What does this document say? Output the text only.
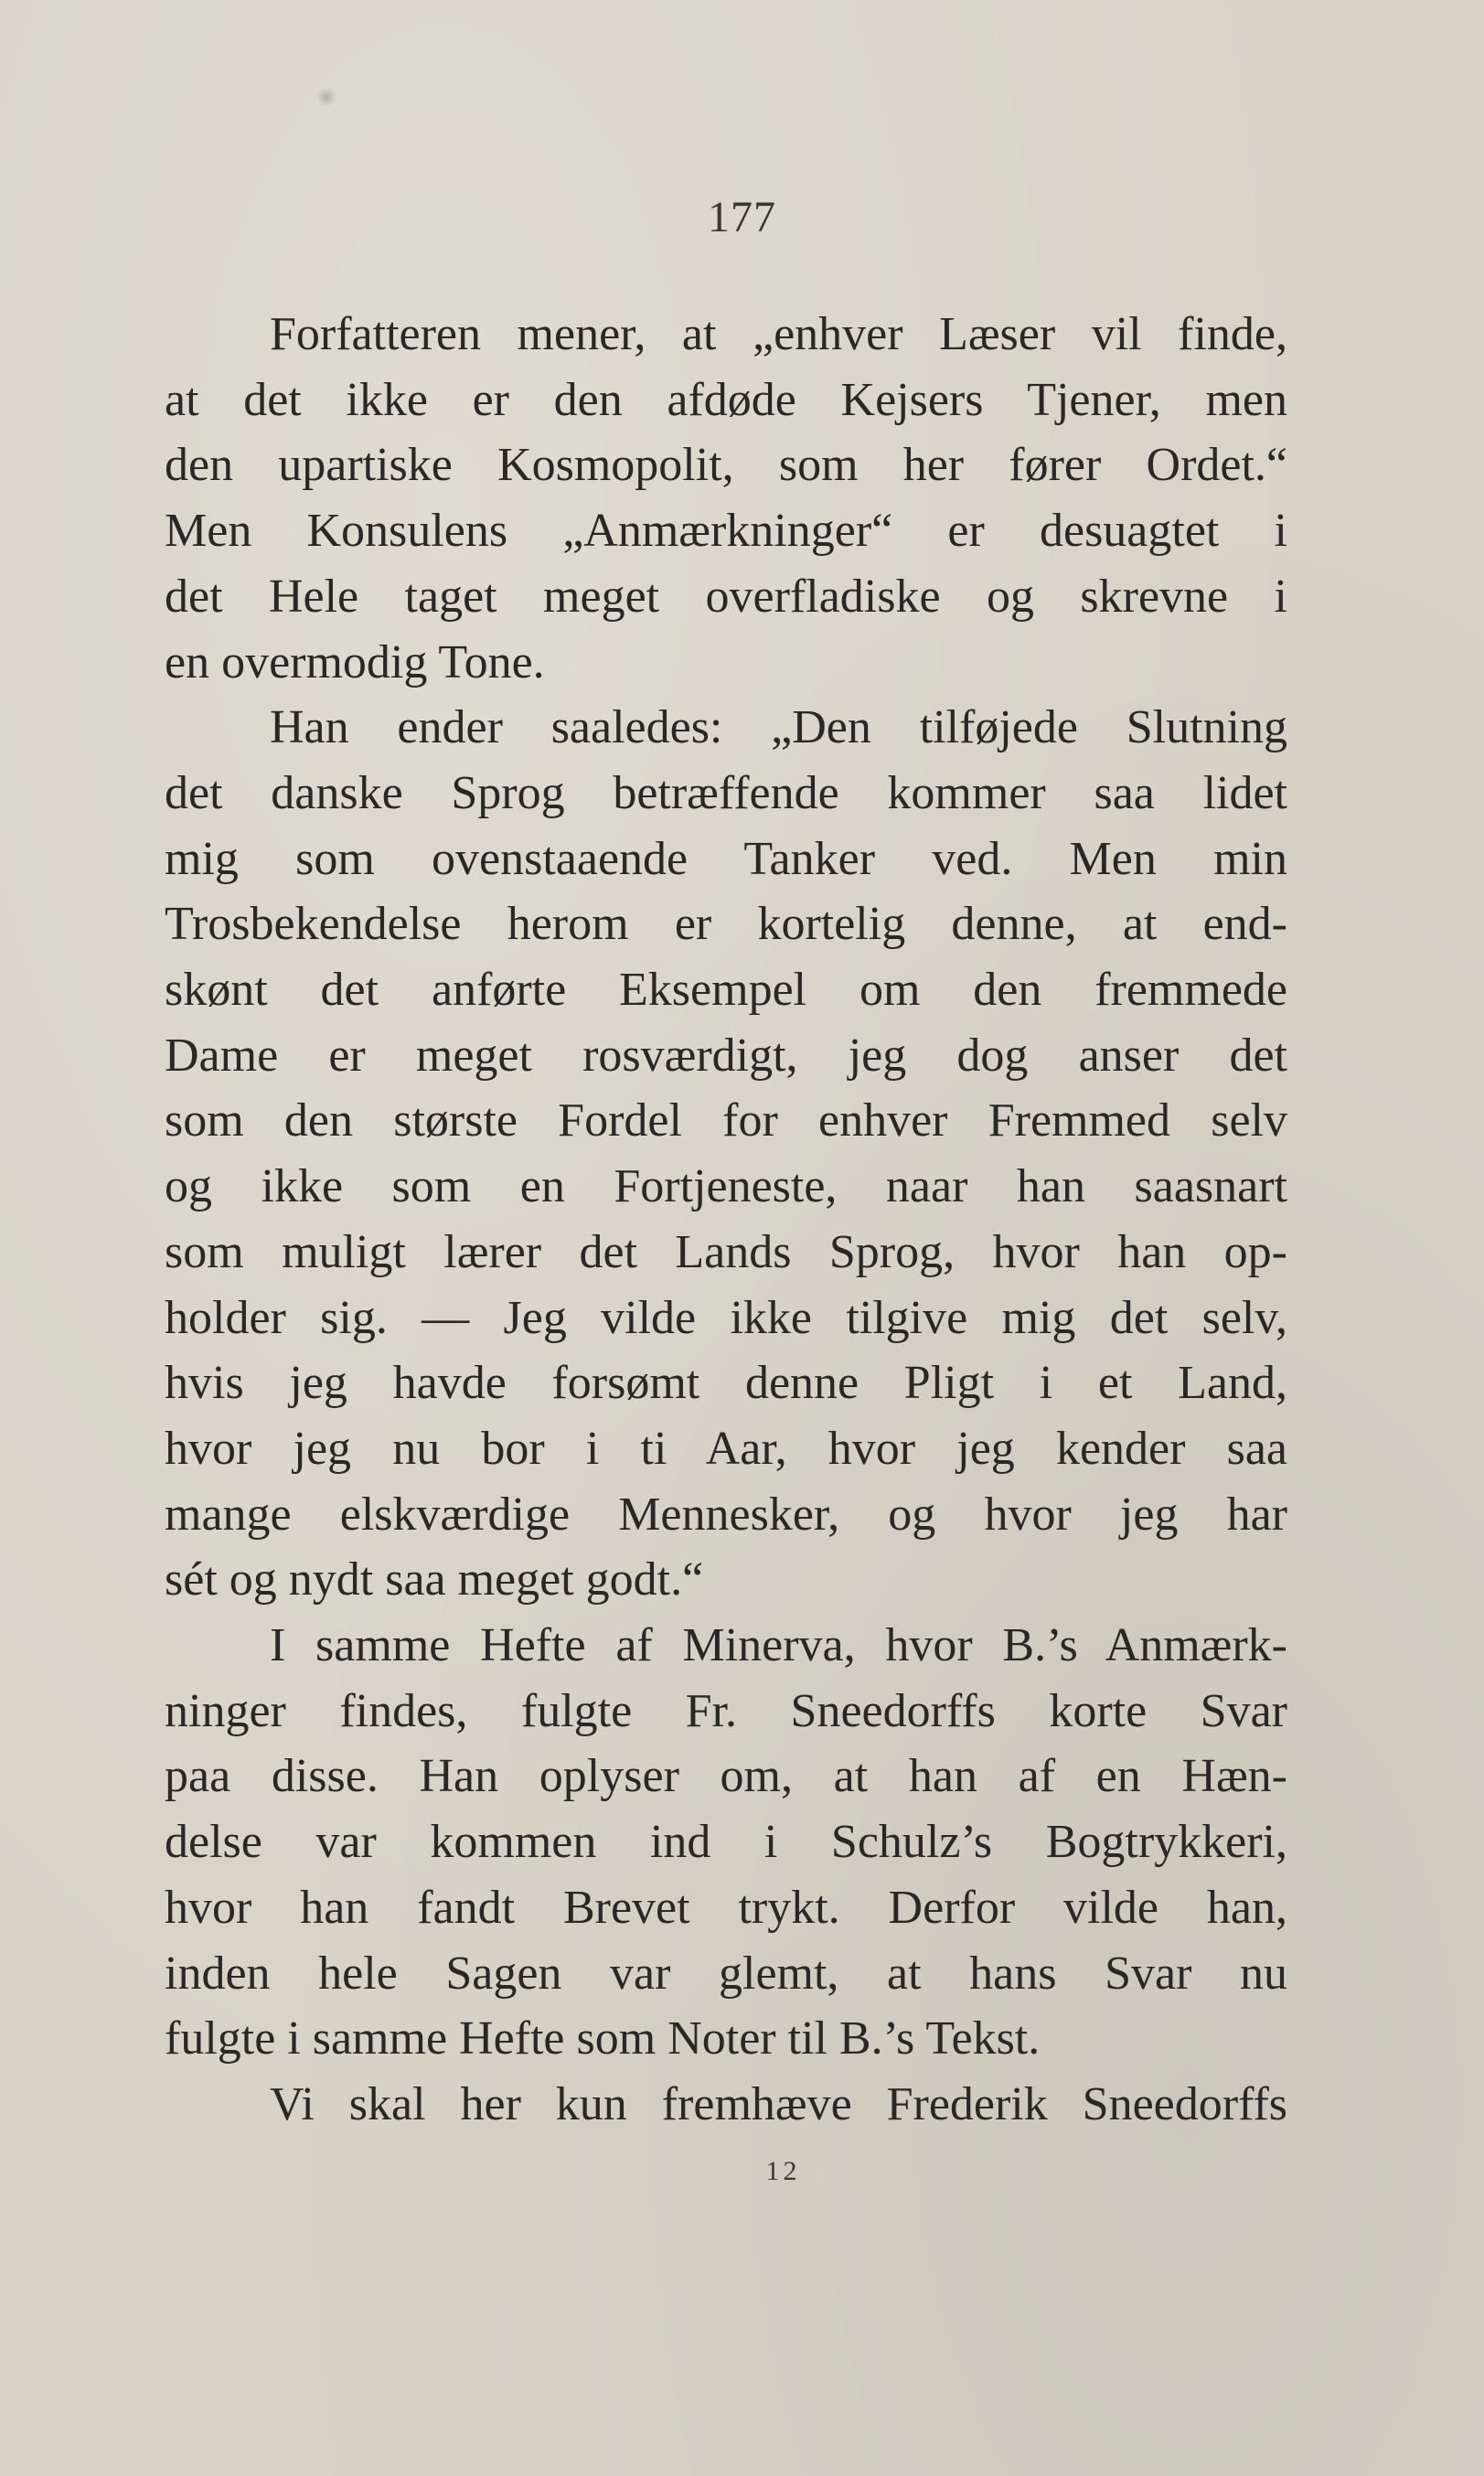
177

Forfatteren mener, at „enhver Læser vil finde,
at det ikke er den afdøde Kejsers Tjener, men
den upartiske Kosmopolit, som her fører Ordet.“
Men Konsulens „Anmærkninger“ er desuagtet i
det Hele taget meget overfladiske og skrevne i
en overmodig Tone.

Han ender saaledes: „Den tilføjede Slutning
det danske Sprog betræffende kommer saa lidet
mig som ovenstaaende Tanker ved. Men min
Trosbekendelse herom er kortelig denne, at end-
skønt det anførte Eksempel om den fremmede
Dame er meget rosværdigt, jeg dog anser det
som den største Fordel for enhver Fremmed selv
og ikke som en Fortjeneste, naar han saasnart
som muligt lærer det Lands Sprog, hvor han op-
holder sig. — Jeg vilde ikke tilgive mig det selv,
hvis jeg havde forsømt denne Pligt i et Land,
hvor jeg nu bor i ti Aar, hvor jeg kender saa
mange elskværdige Mennesker, og hvor jeg har
sét og nydt saa meget godt.“

I samme Hefte af Minerva, hvor B.’s Anmærk-
ninger findes, fulgte Fr. Sneedorffs korte Svar
paa disse. Han oplyser om, at han af en Hæn-
delse var kommen ind i Schulz’s Bogtrykkeri,
hvor han fandt Brevet trykt. Derfor vilde han,
inden hele Sagen var glemt, at hans Svar nu
fulgte i samme Hefte som Noter til B.’s Tekst.

Vi skal her kun fremhæve Frederik Sneedorffs

12
